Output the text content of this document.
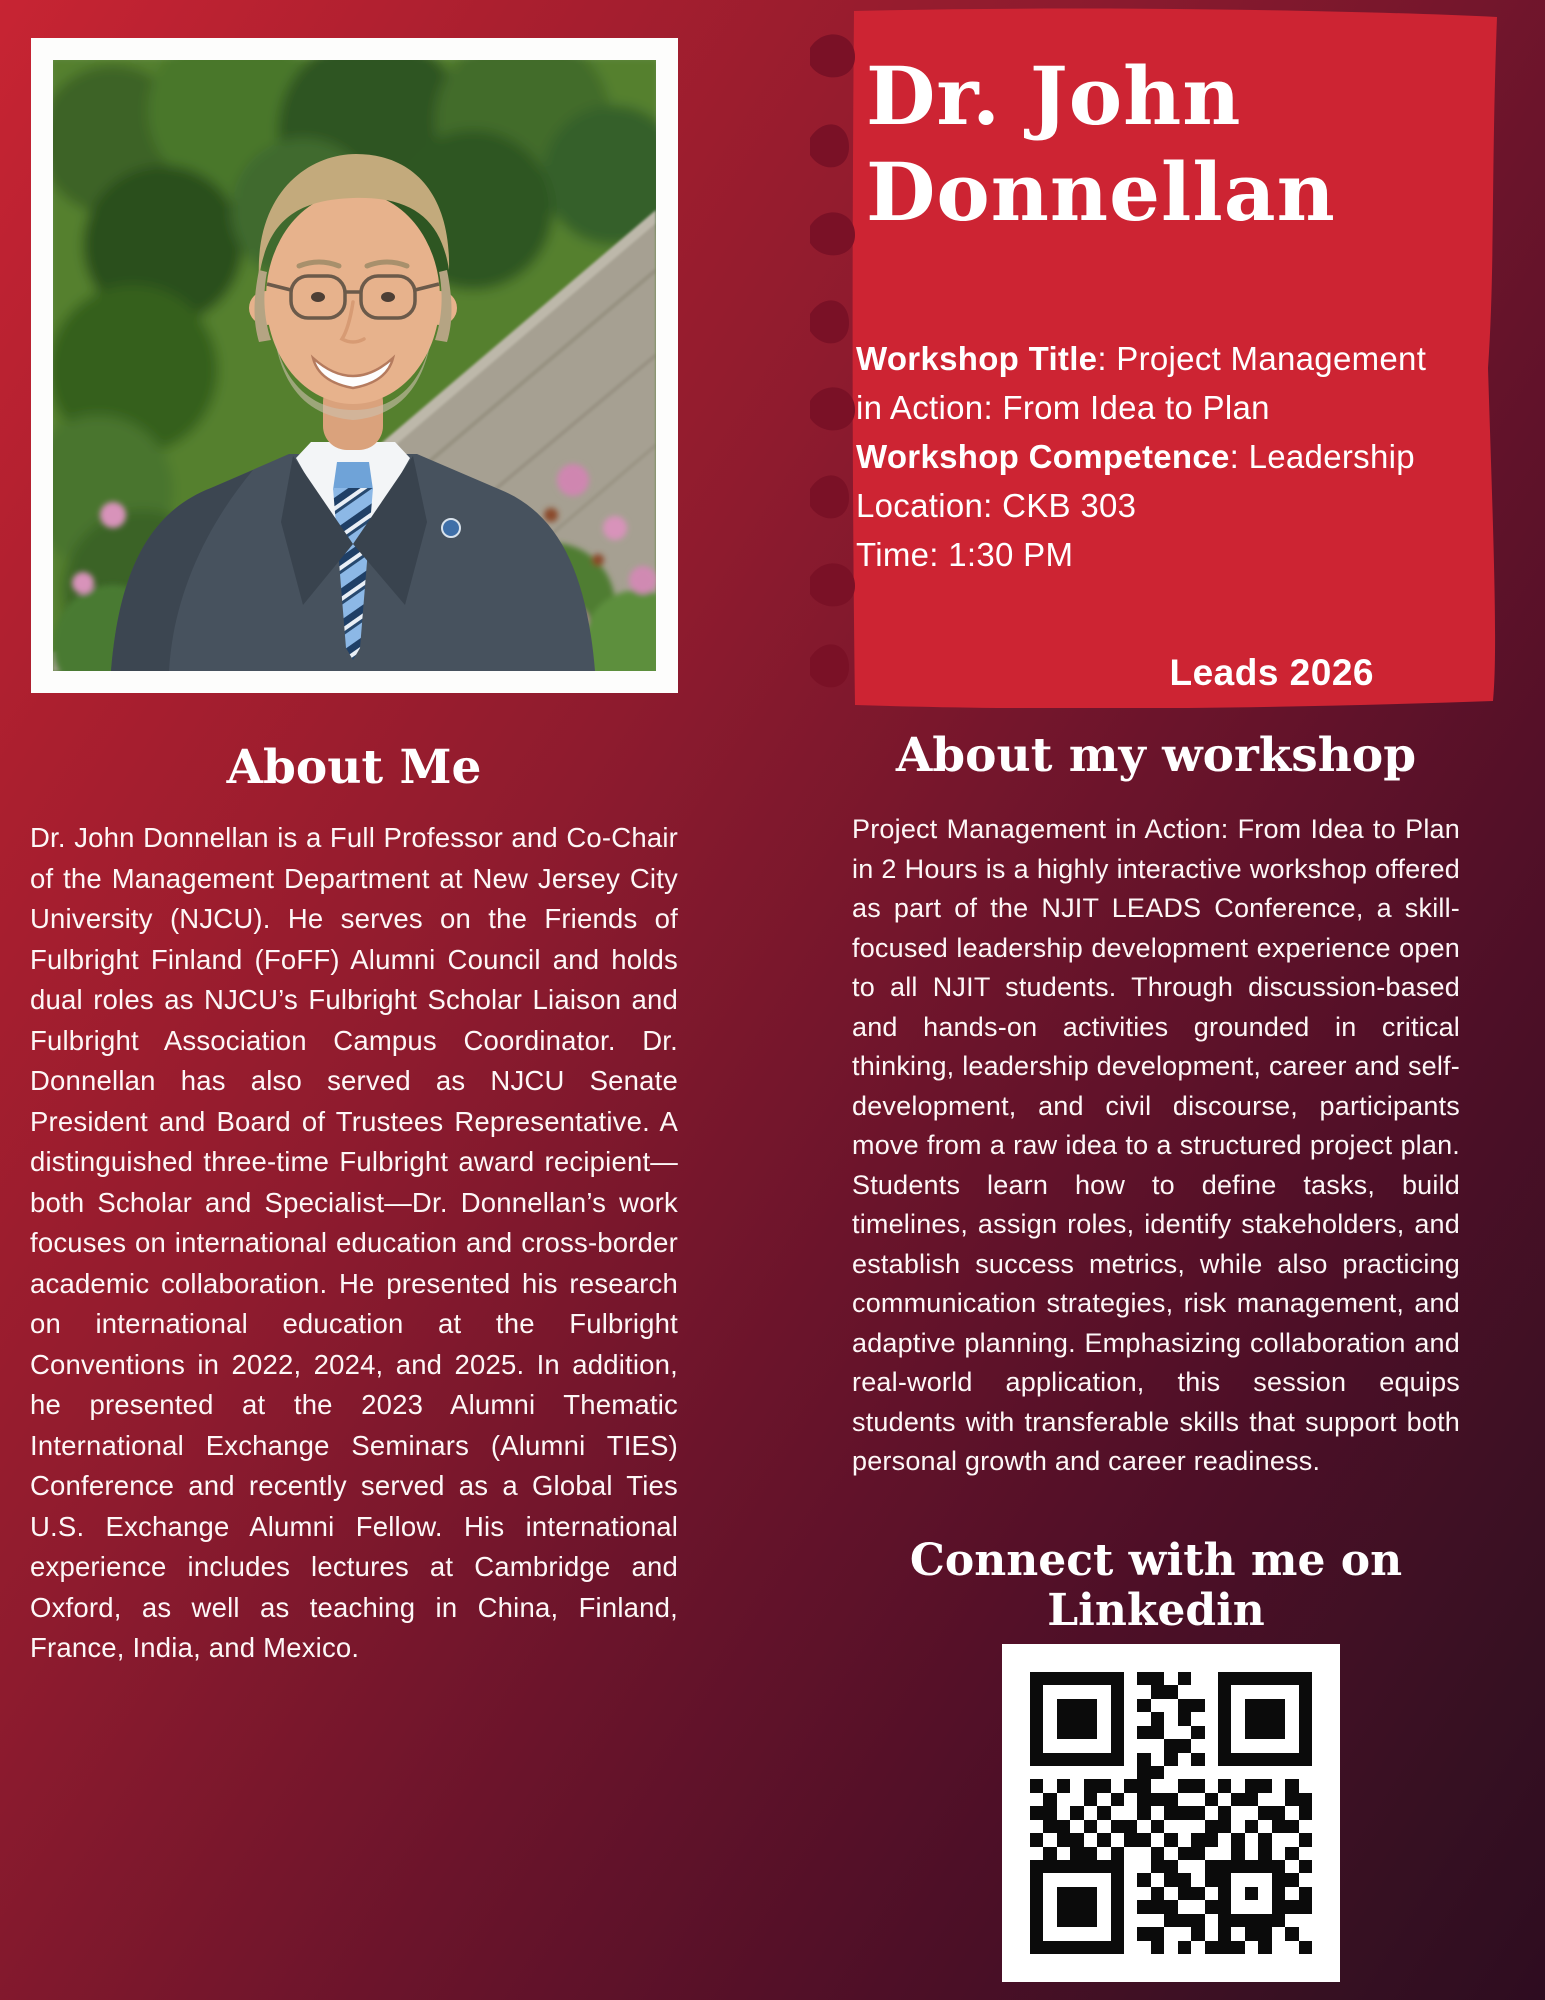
Dr. John
Donnellan

Workshop Title: Project Management in Action: From Idea to Plan

Workshop Competence: Leadership

Location: CKB 303

Time: 1:30 PM

Leads 2026
About Me
Dr. John Donnellan is a Full Professor and Co-Chair of the Management Department at New Jersey City University (NJCU). He serves on the Friends of Fulbright Finland (FoFF) Alumni Council and holds dual roles as NJCU’s Fulbright Scholar Liaison and Fulbright Association Campus Coordinator. Dr. Donnellan has also served as NJCU Senate President and Board of Trustees Representative. A distinguished three-time Fulbright award recipient—both Scholar and Specialist—Dr. Donnellan’s work focuses on international education and cross-border academic collaboration. He presented his research on international education at the Fulbright Conventions in 2022, 2024, and 2025. In addition, he presented at the 2023 Alumni Thematic International Exchange Seminars (Alumni TIES) Conference and recently served as a Global Ties U.S. Exchange Alumni Fellow. His international experience includes lectures at Cambridge and Oxford, as well as teaching in China, Finland, France, India, and Mexico.
About my workshop
Project Management in Action: From Idea to Plan in 2 Hours is a highly interactive workshop offered as part of the NJIT LEADS Conference, a skill-focused leadership development experience open to all NJIT students. Through discussion-based and hands-on activities grounded in critical thinking, leadership development, career and self-development, and civil discourse, participants move from a raw idea to a structured project plan. Students learn how to define tasks, build timelines, assign roles, identify stakeholders, and establish success metrics, while also practicing communication strategies, risk management, and adaptive planning. Emphasizing collaboration and real-world application, this session equips students with transferable skills that support both personal growth and career readiness.
Connect with me on
Linkedin
